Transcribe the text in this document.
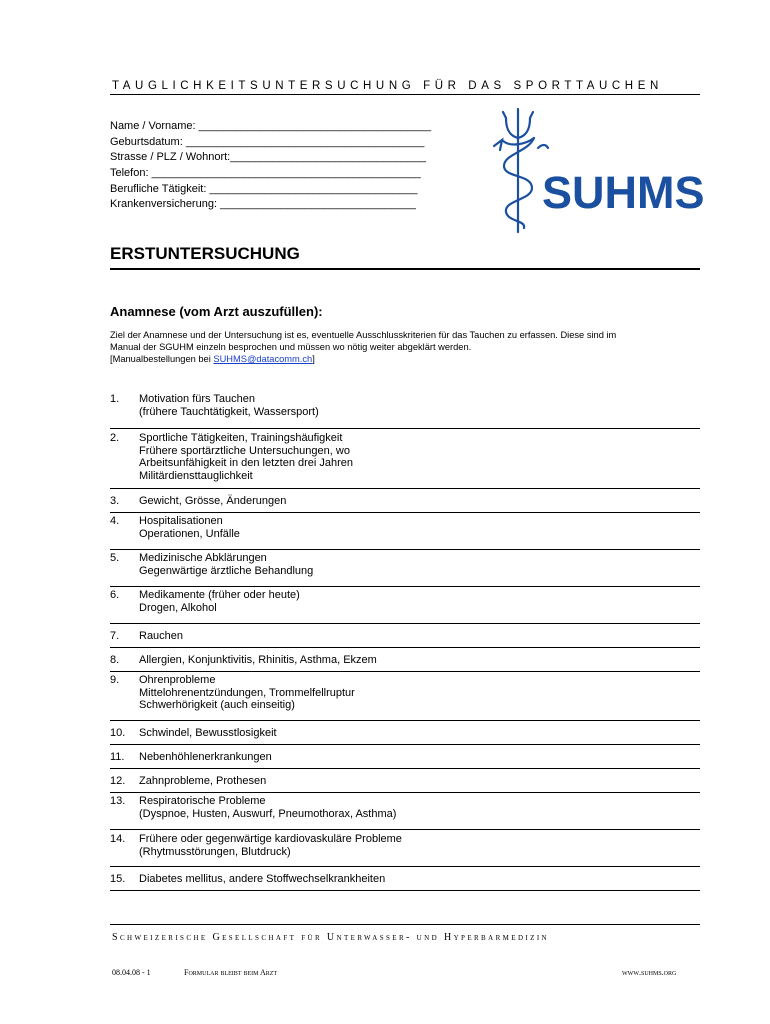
TAUGLICHKEITSUNTERSUCHUNG FÜR DAS SPORTTAUCHEN
Name / Vorname: ______________________________________
Geburtsdatum: _______________________________________
Strasse / PLZ / Wohnort:________________________________
Telefon: ____________________________________________
Berufliche Tätigkeit: __________________________________
Krankenversicherung: ________________________________	SUHMS
ERSTUNTERSUCHUNG
Anamnese (vom Arzt auszufüllen):
Ziel der Anamnese und der Untersuchung ist es, eventuelle Ausschlusskriterien für das Tauchen zu erfassen. Diese sind im
Manual der SGUHM einzeln besprochen und müssen wo nötig weiter abgeklärt werden.
[Manualbestellungen bei SUHMS@datacomm.ch]
1. Motivation fürs Tauchen
(frühere Tauchtätigkeit, Wassersport)
2. Sportliche Tätigkeiten, Trainingshäufigkeit
Frühere sportärztliche Untersuchungen, wo
Arbeitsunfähigkeit in den letzten drei Jahren
Militärdiensttauglichkeit
3. Gewicht, Grösse, Änderungen
4. Hospitalisationen
Operationen, Unfälle
5. Medizinische Abklärungen
Gegenwärtige ärztliche Behandlung
6. Medikamente (früher oder heute)
Drogen, Alkohol
7. Rauchen
8. Allergien, Konjunktivitis, Rhinitis, Asthma, Ekzem
9. Ohrenprobleme
Mittelohrenentzündungen, Trommelfellruptur
Schwerhörigkeit (auch einseitig)
10. Schwindel, Bewusstlosigkeit
11. Nebenhöhlenerkrankungen
12. Zahnprobleme, Prothesen
13. Respiratorische Probleme
(Dyspnoe, Husten, Auswurf, Pneumothorax, Asthma)
14. Frühere oder gegenwärtige kardiovaskuläre Probleme
(Rhytmusstörungen, Blutdruck)
15. Diabetes mellitus, andere Stoffwechselkrankheiten
Schweizerische Gesellschaft für Unterwasser- und Hyperbarmedizin
08.04.08 - 1	Formular bleibt beim Arzt	www.suhms.org
